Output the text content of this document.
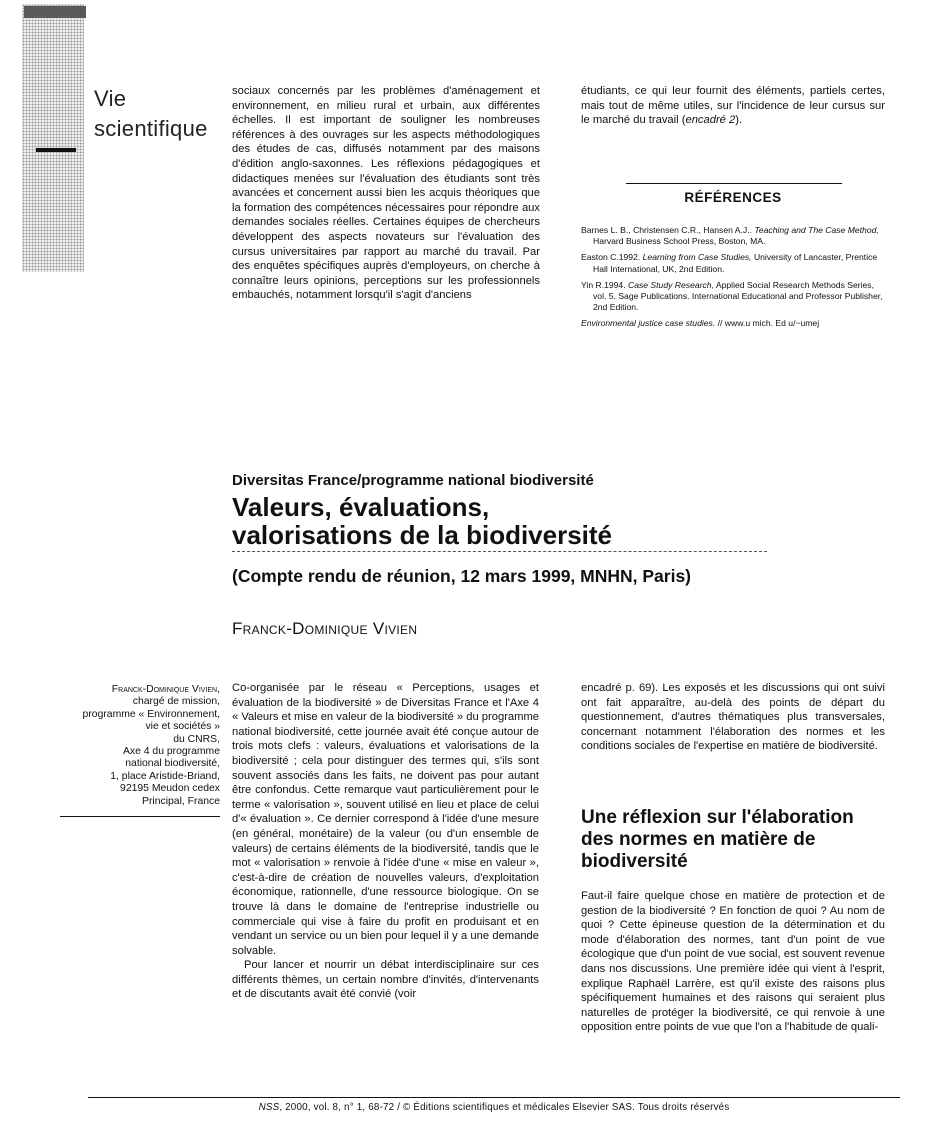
Vie scientifique

sociaux concernés par les problèmes d'aménagement et environnement, en milieu rural et urbain, aux différentes échelles. Il est important de souligner les nombreuses références à des ouvrages sur les aspects méthodologiques des études de cas, diffusés notamment par des maisons d'édition anglo-saxonnes. Les réflexions pédagogiques et didactiques menées sur l'évaluation des étudiants sont très avancées et concernent aussi bien les acquis théoriques que la formation des compétences nécessaires pour répondre aux demandes sociales réelles. Certaines équipes de chercheurs développent des aspects novateurs sur l'évaluation des cursus universitaires par rapport au marché du travail. Par des enquêtes spécifiques auprès d'employeurs, on cherche à connaître leurs opinions, perceptions sur les professionnels embauchés, notamment lorsqu'il s'agit d'anciens

étudiants, ce qui leur fournit des éléments, partiels certes, mais tout de même utiles, sur l'incidence de leur cursus sur le marché du travail (encadré 2).

RÉFÉRENCES

Barnes L. B., Christensen C.R., Hansen A.J.. Teaching and The Case Method, Harvard Business School Press, Boston, MA.

Easton C.1992. Learning from Case Studies, University of Lancaster, Prentice Hall International, UK, 2nd Edition.

Yin R.1994. Case Study Research, Applied Social Research Methods Series, vol. 5. Sage Publications. International Educational and Professor Publisher, 2nd Edition.

Environmental justice case studies. // www.u mich. Ed u/~umej

Diversitas France/programme national biodiversité
Valeurs, évaluations,
valorisations de la biodiversité
(Compte rendu de réunion, 12 mars 1999, MNHN, Paris)
Franck-Dominique Vivien
Franck-Dominique Vivien,
chargé de mission,
programme « Environnement,
vie et sociétés »
du CNRS,
Axe 4 du programme
national biodiversité,
1, place Aristide-Briand,
92195 Meudon cedex
Principal, France

Co-organisée par le réseau « Perceptions, usages et évaluation de la biodiversité » de Diversitas France et l'Axe 4 « Valeurs et mise en valeur de la biodiversité » du programme national biodiversité, cette journée avait été conçue autour de trois mots clefs : valeurs, évaluations et valorisations de la biodiversité ; cela pour distinguer des termes qui, s'ils sont souvent associés dans les faits, ne doivent pas pour autant être confondus. Cette remarque vaut particulièrement pour le terme « valorisation », souvent utilisé en lieu et place de celui d'« évaluation ». Ce dernier correspond à l'idée d'une mesure (en général, monétaire) de la valeur (ou d'un ensemble de valeurs) de certains éléments de la biodiversité, tandis que le mot « valorisation » renvoie à l'idée d'une « mise en valeur », c'est-à-dire de création de nouvelles valeurs, d'exploitation économique, rationnelle, d'une ressource biologique. On se trouve là dans le domaine de l'entreprise industrielle ou commerciale qui vise à faire du profit en produisant et en vendant un service ou un bien pour lequel il y a une demande solvable.

Pour lancer et nourrir un débat interdisciplinaire sur ces différents thèmes, un certain nombre d'invités, d'intervenants et de discutants avait été convié (voir

encadré p. 69). Les exposés et les discussions qui ont suivi ont fait apparaître, au-delà des points de départ du questionnement, d'autres thématiques plus transversales, concernant notamment l'élaboration des normes et les conditions sociales de l'expertise en matière de biodiversité.

Une réflexion sur l'élaboration des normes en matière de biodiversité

Faut-il faire quelque chose en matière de protection et de gestion de la biodiversité ? En fonction de quoi ? Au nom de quoi ? Cette épineuse question de la détermination et du mode d'élaboration des normes, tant d'un point de vue écologique que d'un point de vue social, est souvent revenue dans nos discussions. Une première idée qui vient à l'esprit, explique Raphaël Larrère, est qu'il existe des raisons plus spécifiquement humaines et des raisons qui seraient plus naturelles de protéger la biodiversité, ce qui renvoie à une opposition entre points de vue que l'on a l'habitude de quali-

NSS, 2000, vol. 8, n° 1, 68-72 / © Éditions scientifiques et médicales Elsevier SAS. Tous droits réservés
